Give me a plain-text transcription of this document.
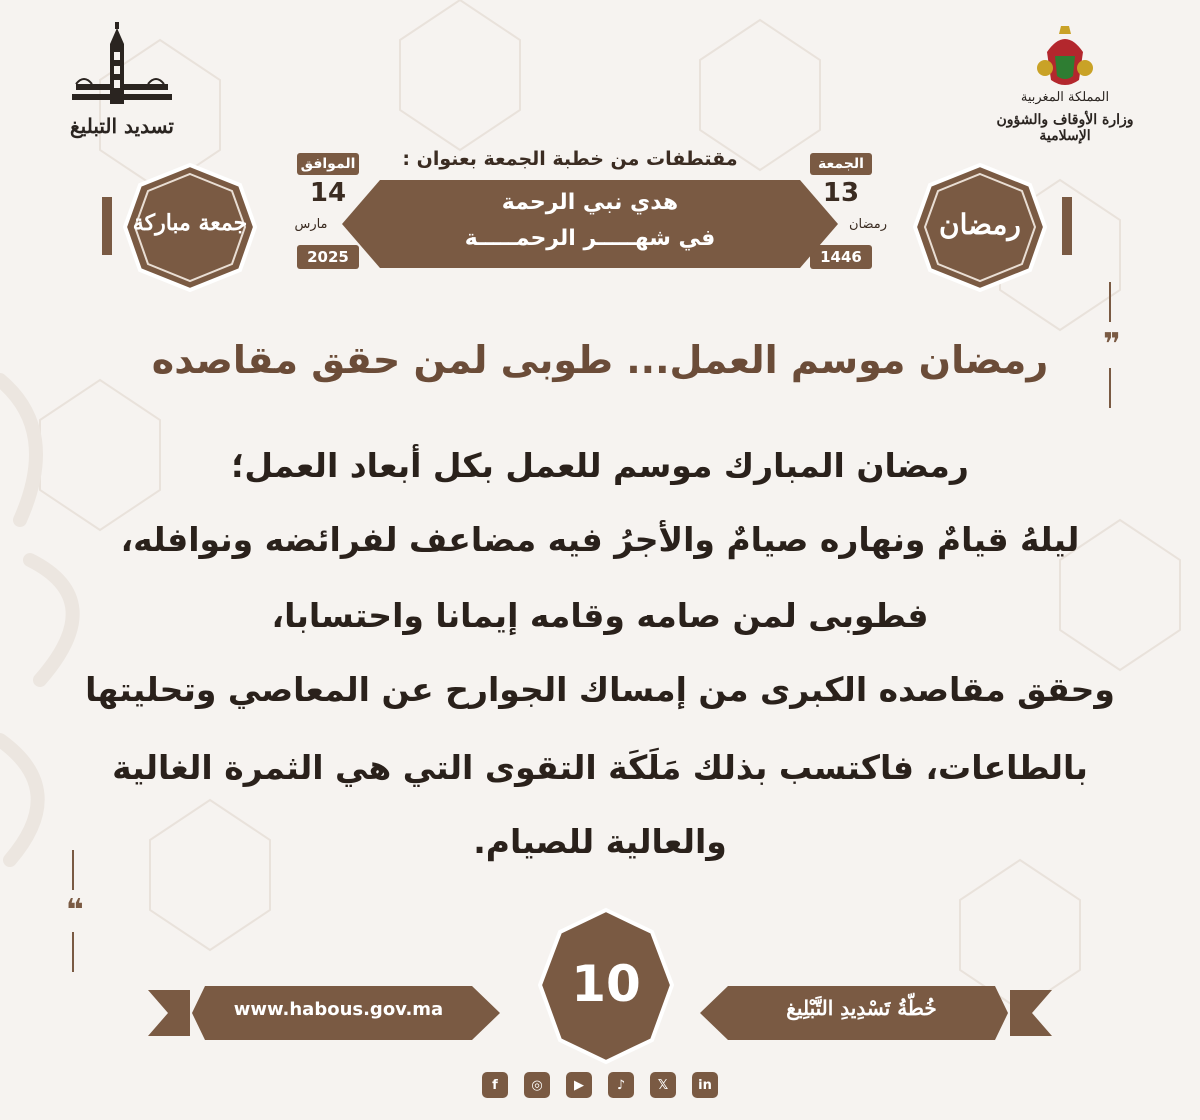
تسديد التبليغ
المملكة المغربية
وزارة الأوقاف والشؤون الإسلامية
مقتطفات من خطبة الجمعة بعنوان :
جمعة مباركة	رمضان
الموافق
14
مارس
2025
الجمعة
13
رمضان
1446
هدي نبي الرحمة
في شهـــــر الرحمـــــة
❞
❝
رمضان موسم العمل... طوبى لمن حقق مقاصده
رمضان المبارك موسم للعمل بكل أبعاد العمل؛
ليلهُ قيامٌ ونهاره صيامٌ والأجرُ فيه مضاعف لفرائضه ونوافله،
فطوبى لمن صامه وقامه إيمانا واحتسابا،
وحقق مقاصده الكبرى من إمساك الجوارح عن المعاصي وتحليتها
بالطاعات، فاكتسب بذلك مَلَكَة التقوى التي هي الثمرة الغالية
والعالية للصيام.
www.habous.gov.ma	خُطّةُ تَسْدِيدِ التَّبْلِيغ
10
f	◎	▶	♪	𝕏	in
